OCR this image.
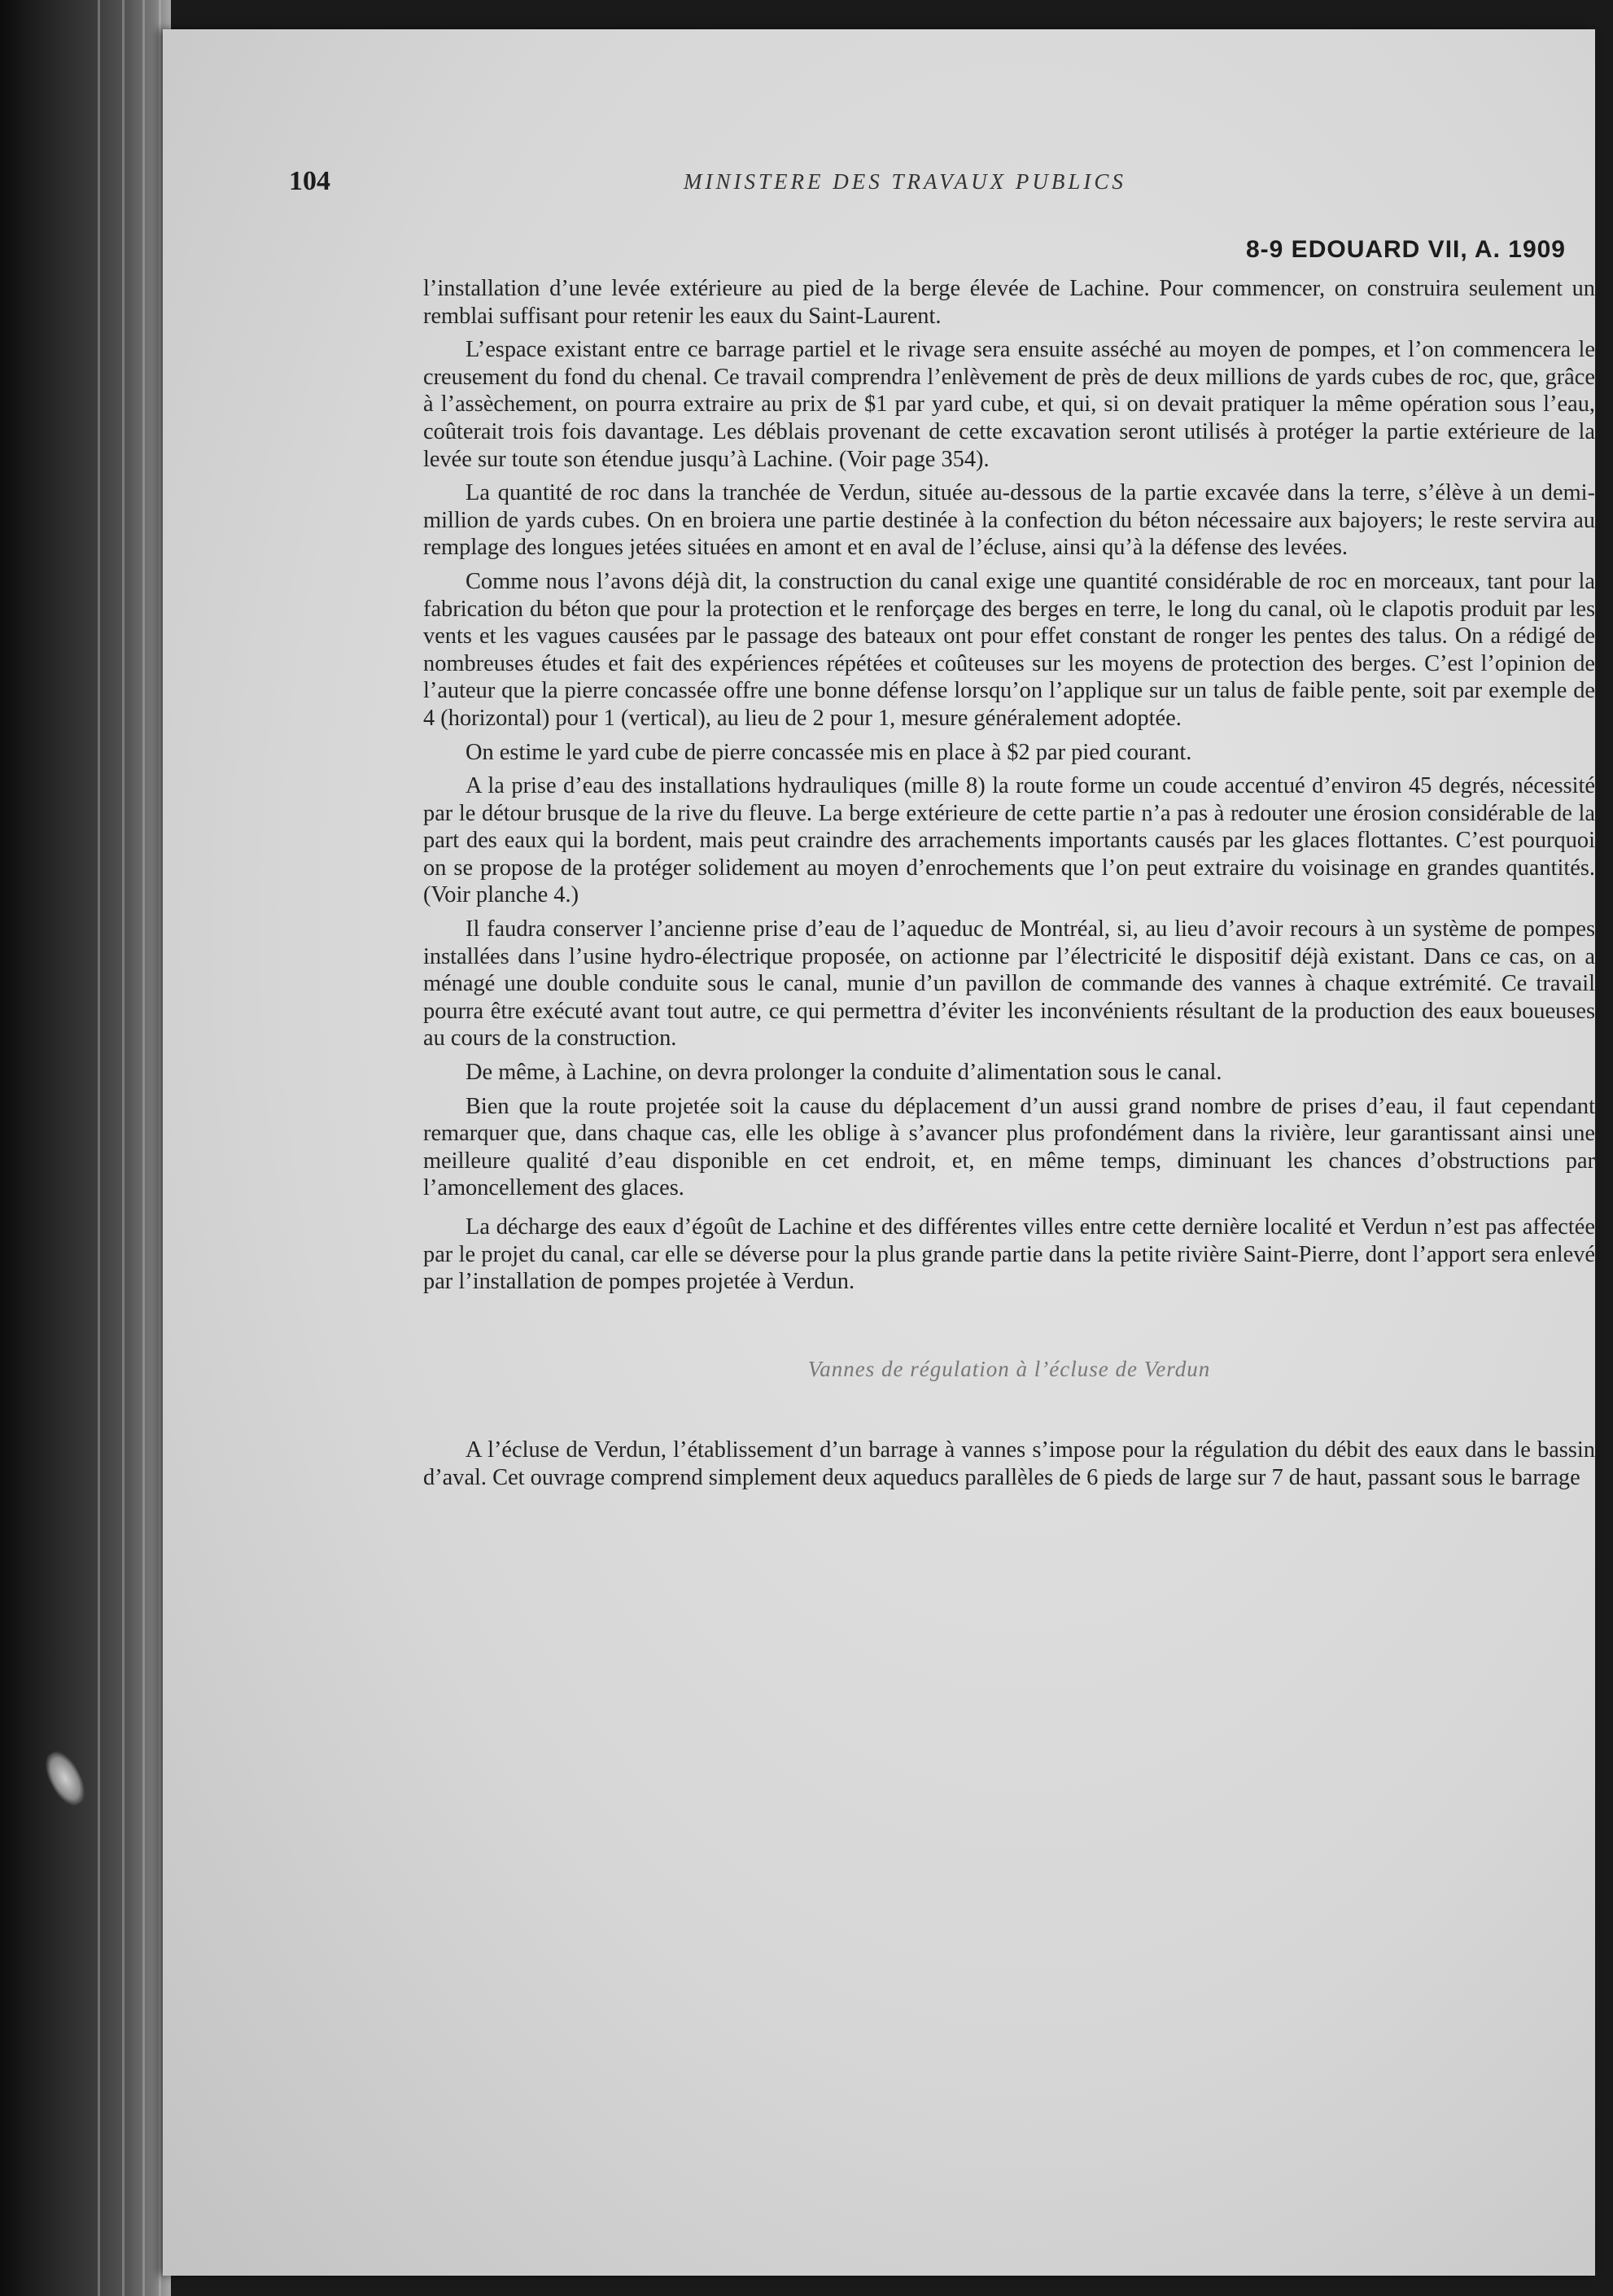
104	MINISTERE DES TRAVAUX PUBLICS
8-9 EDOUARD VII, A. 1909

l’installation d’une levée extérieure au pied de la berge élevée de Lachine. Pour commencer, on construira seulement un remblai suffisant pour retenir les eaux du Saint-Laurent.

L’espace existant entre ce barrage partiel et le rivage sera ensuite asséché au moyen de pompes, et l’on commencera le creusement du fond du chenal. Ce travail comprendra l’enlèvement de près de deux millions de yards cubes de roc, que, grâce à l’assèchement, on pourra extraire au prix de $1 par yard cube, et qui, si on devait pratiquer la même opération sous l’eau, coûterait trois fois davantage. Les déblais provenant de cette excavation seront utilisés à protéger la partie extérieure de la levée sur toute son étendue jusqu’à Lachine. (Voir page 354).

La quantité de roc dans la tranchée de Verdun, située au-dessous de la partie excavée dans la terre, s’élève à un demi-million de yards cubes. On en broiera une partie destinée à la confection du béton nécessaire aux bajoyers; le reste servira au remplage des longues jetées situées en amont et en aval de l’écluse, ainsi qu’à la défense des levées.

Comme nous l’avons déjà dit, la construction du canal exige une quantité considérable de roc en morceaux, tant pour la fabrication du béton que pour la protection et le renforçage des berges en terre, le long du canal, où le clapotis produit par les vents et les vagues causées par le passage des bateaux ont pour effet constant de ronger les pentes des talus. On a rédigé de nombreuses études et fait des expériences répétées et coûteuses sur les moyens de protection des berges. C’est l’opinion de l’auteur que la pierre concassée offre une bonne défense lorsqu’on l’applique sur un talus de faible pente, soit par exemple de 4 (horizontal) pour 1 (vertical), au lieu de 2 pour 1, mesure généralement adoptée.

On estime le yard cube de pierre concassée mis en place à $2 par pied courant.

A la prise d’eau des installations hydrauliques (mille 8) la route forme un coude accentué d’environ 45 degrés, nécessité par le détour brusque de la rive du fleuve. La berge extérieure de cette partie n’a pas à redouter une érosion considérable de la part des eaux qui la bordent, mais peut craindre des arrachements importants causés par les glaces flottantes. C’est pourquoi on se propose de la protéger solidement au moyen d’enrochements que l’on peut extraire du voisinage en grandes quantités. (Voir planche 4.)

Il faudra conserver l’ancienne prise d’eau de l’aqueduc de Montréal, si, au lieu d’avoir recours à un système de pompes installées dans l’usine hydro-électrique proposée, on actionne par l’électricité le dispositif déjà existant. Dans ce cas, on a ménagé une double conduite sous le canal, munie d’un pavillon de commande des vannes à chaque extrémité. Ce travail pourra être exécuté avant tout autre, ce qui permettra d’éviter les inconvénients résultant de la production des eaux boueuses au cours de la construction.

De même, à Lachine, on devra prolonger la conduite d’alimentation sous le canal.

Bien que la route projetée soit la cause du déplacement d’un aussi grand nombre de prises d’eau, il faut cependant remarquer que, dans chaque cas, elle les oblige à s’avancer plus profondément dans la rivière, leur garantissant ainsi une meilleure qualité d’eau disponible en cet endroit, et, en même temps, diminuant les chances d’obstructions par l’amoncellement des glaces.

La décharge des eaux d’égoût de Lachine et des différentes villes entre cette dernière localité et Verdun n’est pas affectée par le projet du canal, car elle se déverse pour la plus grande partie dans la petite rivière Saint-Pierre, dont l’apport sera enlevé par l’installation de pompes projetée à Verdun.

Vannes de régulation à l’écluse de Verdun

A l’écluse de Verdun, l’établissement d’un barrage à vannes s’impose pour la régulation du débit des eaux dans le bassin d’aval. Cet ouvrage comprend simplement deux aqueducs parallèles de 6 pieds de large sur 7 de haut, passant sous le barrage
